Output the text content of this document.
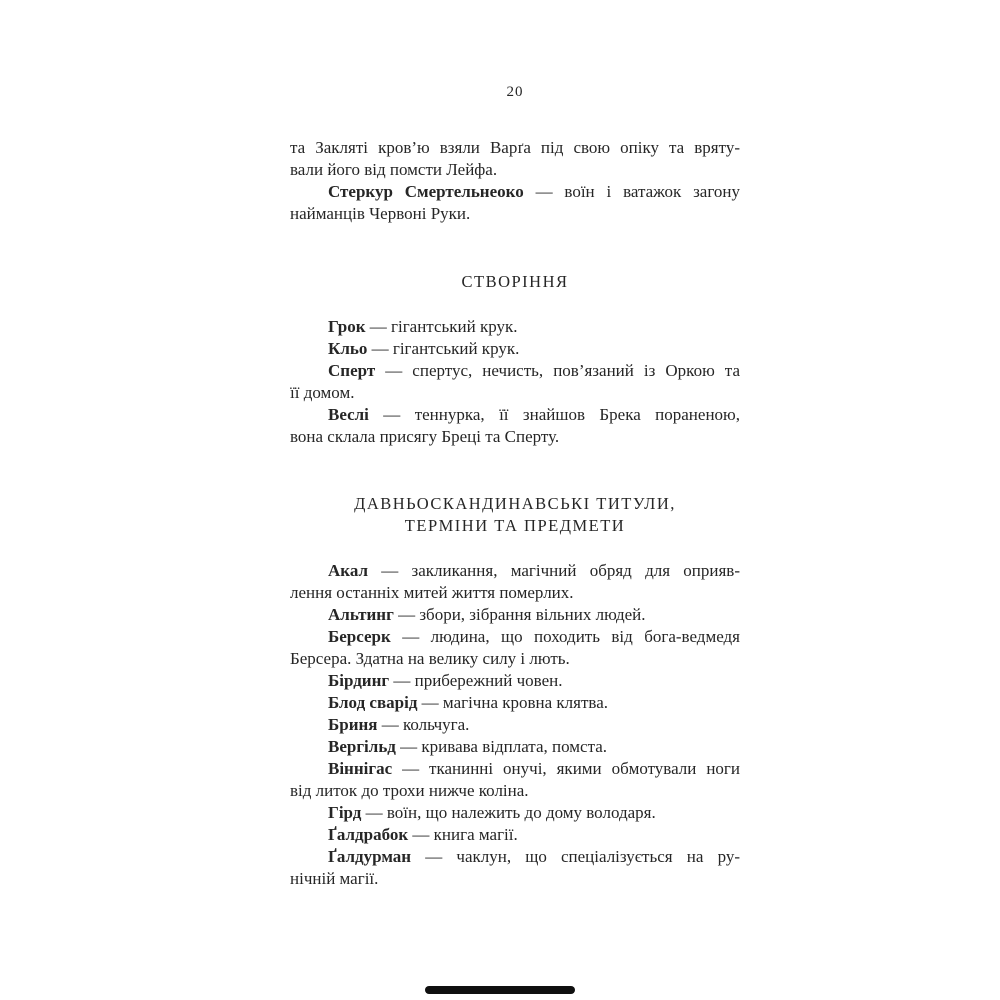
20
та Закляті кров’ю взяли Варґа під свою опіку та вряту-
вали його від помсти Лейфа.
Стеркур Смертельнеоко — воїн і ватажок загону
найманців Червоні Руки.
СТВОРІННЯ
Грок — гігантський крук.
Кльо — гігантський крук.
Сперт — спертус, нечисть, пов’язаний із Оркою та
її домом.
Веслі — теннурка, її знайшов Брека пораненою,
вона склала присягу Бреці та Сперту.
ДАВНЬОСКАНДИНАВСЬКІ ТИТУЛИ,
ТЕРМІНИ ТА ПРЕДМЕТИ
Акал — закликання, магічний обряд для оприяв-
лення останніх митей життя померлих.
Альтинг — збори, зібрання вільних людей.
Берсерк — людина, що походить від бога-ведмедя
Берсера. Здатна на велику силу і лють.
Бірдинг — прибережний човен.
Блод сварід — магічна кровна клятва.
Бриня — кольчуга.
Вергільд — кривава відплата, помста.
Віннігас — тканинні онучі, якими обмотували ноги
від литок до трохи нижче коліна.
Гірд — воїн, що належить до дому володаря.
Ґалдрабок — книга магії.
Ґалдурман — чаклун, що спеціалізується на ру-
нічній магії.
